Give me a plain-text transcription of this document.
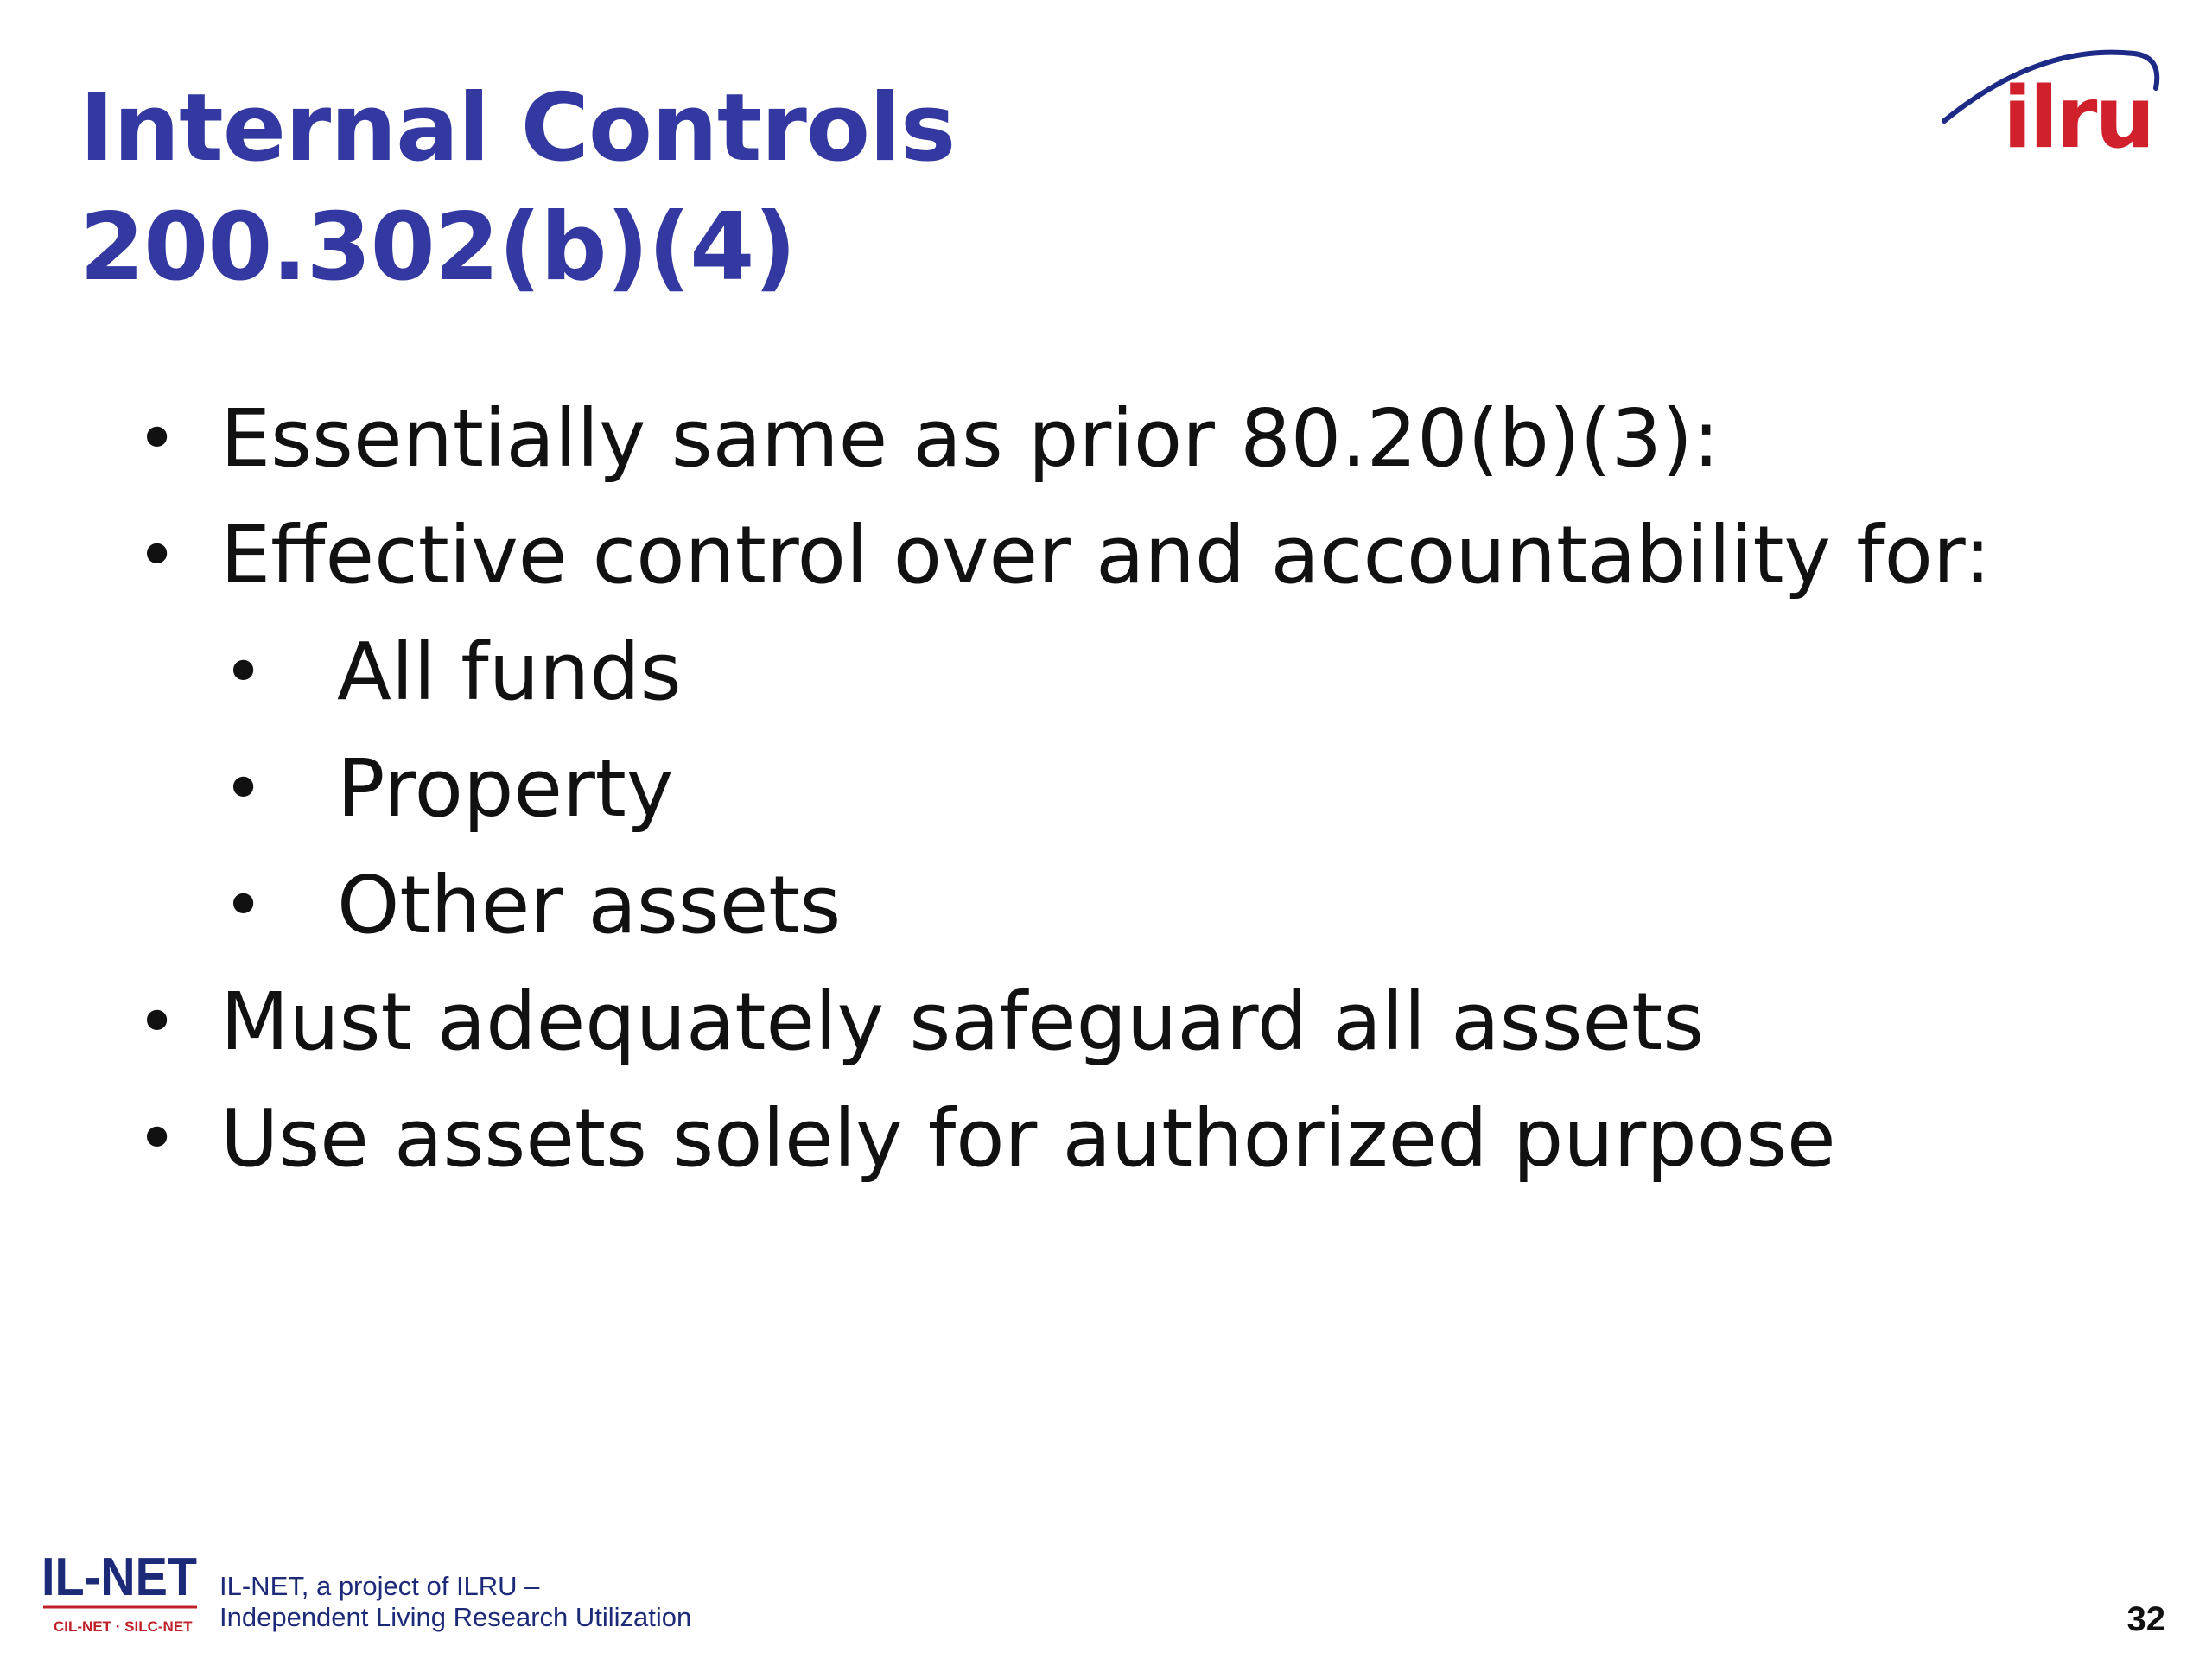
Internal Controls
200.302(b)(4)
ilru
• Essentially same as prior 80.20(b)(3):
• Effective control over and accountability for:
• All funds
• Property
• Other assets
• Must adequately safeguard all assets
• Use assets solely for authorized purpose
IL-NET
CIL-NET · SILC-NET
IL-NET, a project of ILRU –
Independent Living Research Utilization	32
